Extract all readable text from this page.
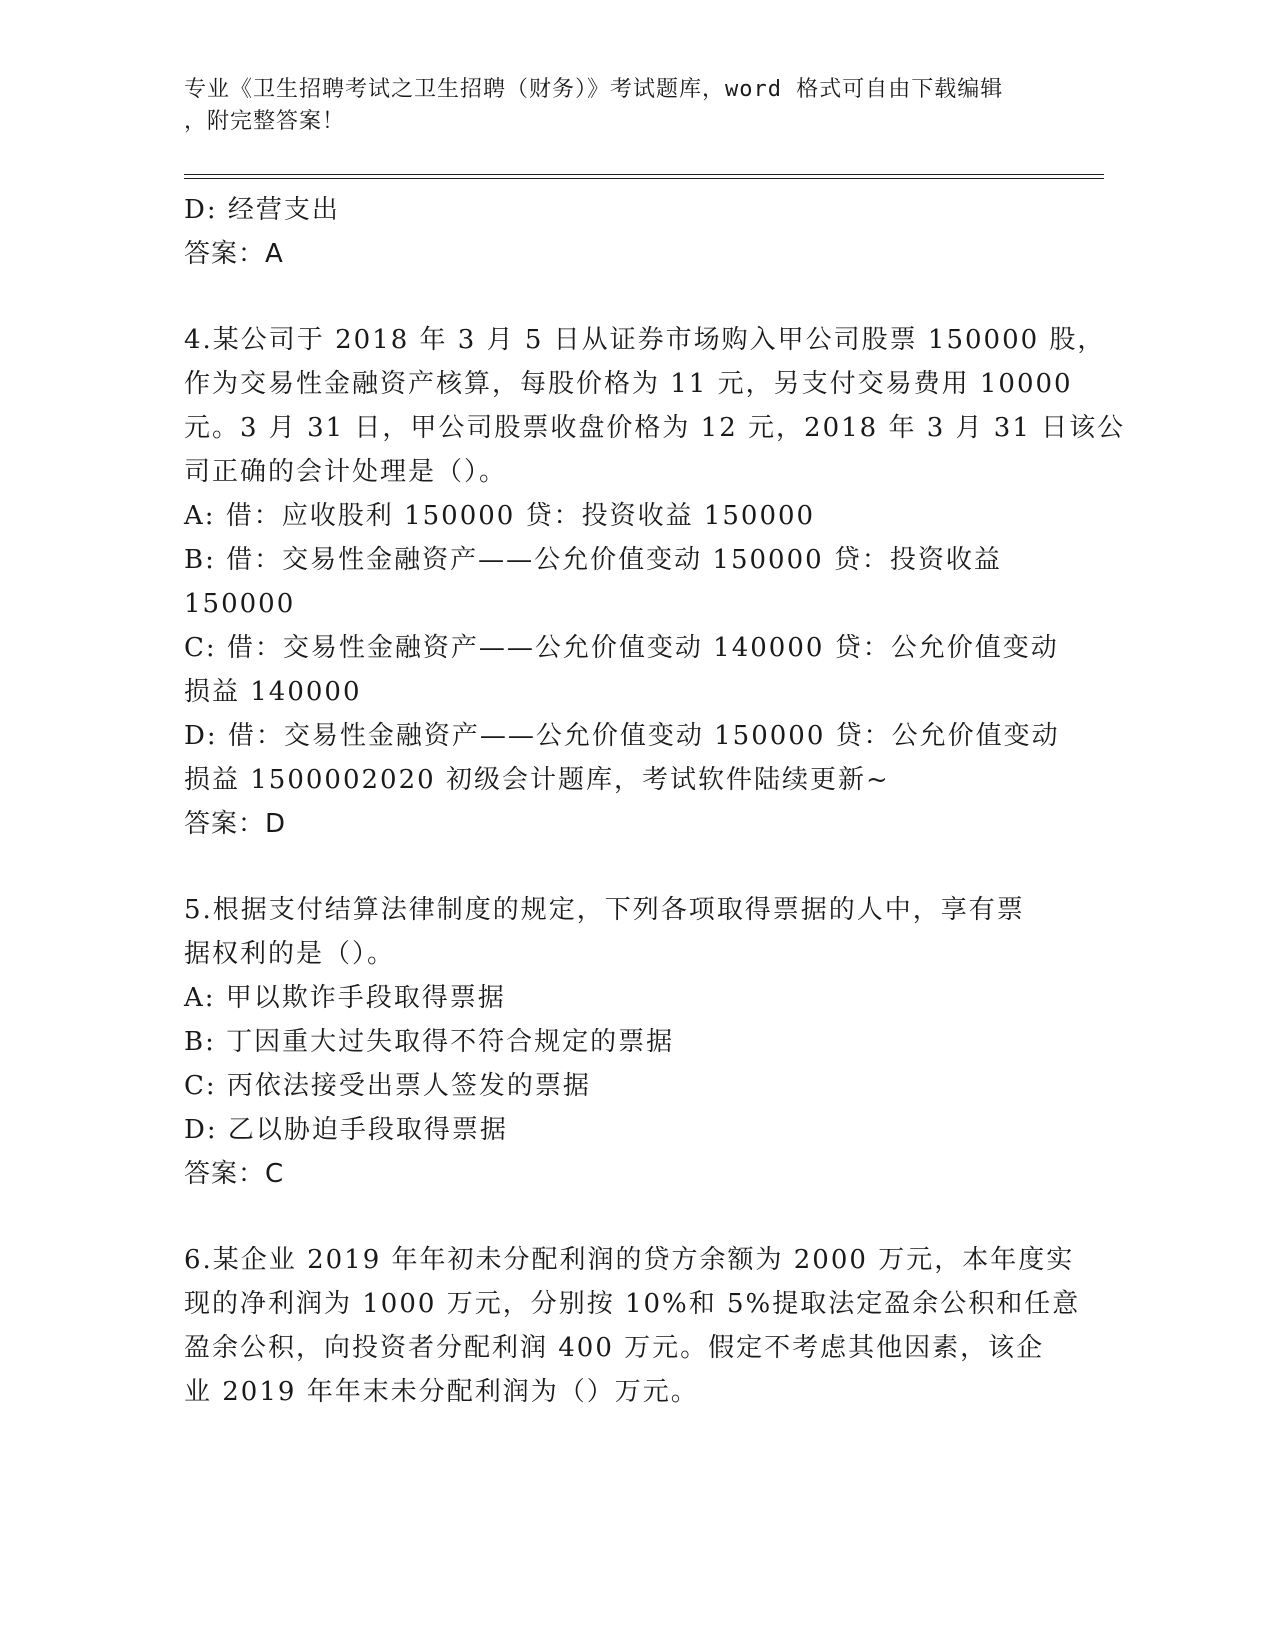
专业《卫生招聘考试之卫生招聘（财务）》考试题库，word 格式可自由下载编辑
，附完整答案！
D: 经营支出
答案：A
4.某公司于 2018 年 3 月 5 日从证券市场购入甲公司股票 150000 股，
作为交易性金融资产核算，每股价格为 11 元，另支付交易费用 10000
元。3 月 31 日，甲公司股票收盘价格为 12 元，2018 年 3 月 31 日该公
司正确的会计处理是（）。
A: 借：应收股利 150000 贷：投资收益 150000
B: 借：交易性金融资产——公允价值变动 150000 贷：投资收益
150000
C: 借：交易性金融资产——公允价值变动 140000 贷：公允价值变动
损益 140000
D: 借：交易性金融资产——公允价值变动 150000 贷：公允价值变动
损益 1500002020 初级会计题库，考试软件陆续更新~
答案：D
5.根据支付结算法律制度的规定，下列各项取得票据的人中，享有票
据权利的是（）。
A: 甲以欺诈手段取得票据
B: 丁因重大过失取得不符合规定的票据
C: 丙依法接受出票人签发的票据
D: 乙以胁迫手段取得票据
答案：C
6.某企业 2019 年年初未分配利润的贷方余额为 2000 万元，本年度实
现的净利润为 1000 万元，分别按 10%和 5%提取法定盈余公积和任意
盈余公积，向投资者分配利润 400 万元。假定不考虑其他因素，该企
业 2019 年年末未分配利润为（）万元。
